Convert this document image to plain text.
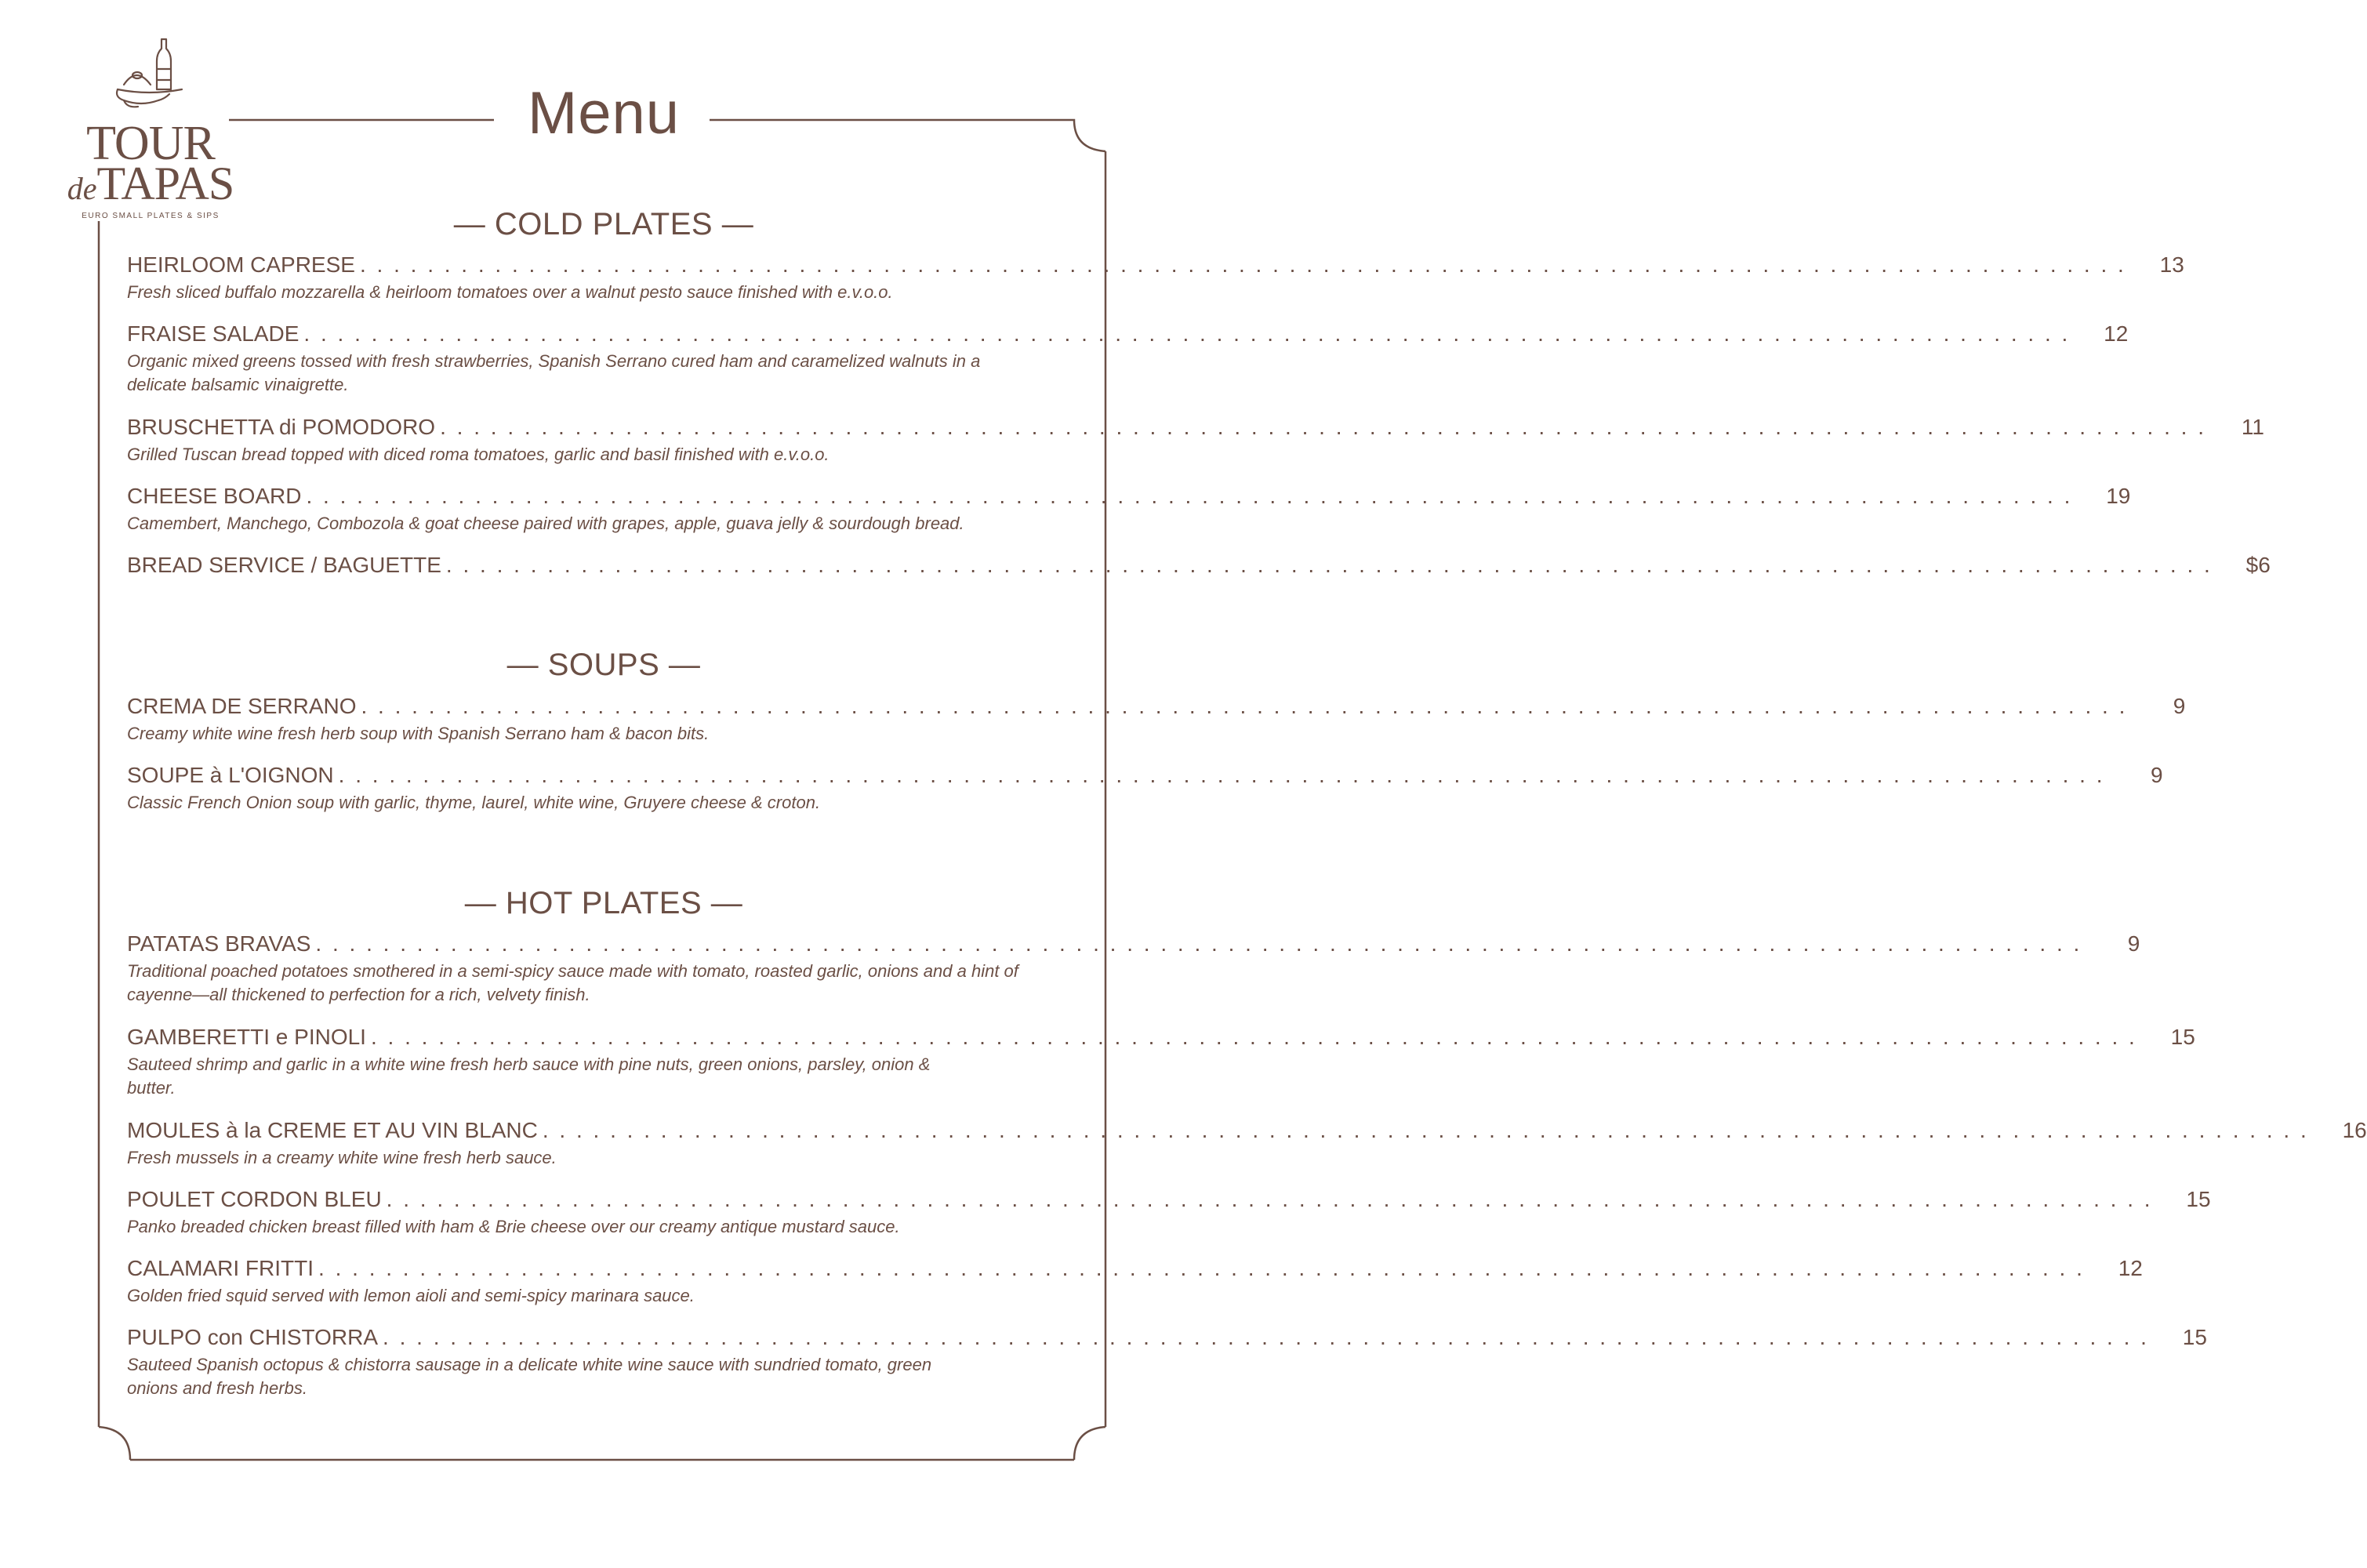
TOUR
deTAPAS
EURO SMALL PLATES & SIPS
Menu
— COLD PLATES —
HEIRLOOM CAPRESE . . . . . . . . . . . . . . . . . . . . . . . . . . . . . . . . . . . . . . . . . . . . . . . . . . . . . . . . . . . . . . . . . . . . . . . . . . . . . . . . . . . . . . . . . . . . . . . . . . . . . . . . .	13
Fresh sliced buffalo mozzarella & heirloom tomatoes over a walnut pesto sauce finished with e.v.o.o.
FRAISE SALADE . . . . . . . . . . . . . . . . . . . . . . . . . . . . . . . . . . . . . . . . . . . . . . . . . . . . . . . . . . . . . . . . . . . . . . . . . . . . . . . . . . . . . . . . . . . . . . . . . . . . . . . . .	12
Organic mixed greens tossed with fresh strawberries, Spanish Serrano cured ham and caramelized walnuts in a delicate balsamic vinaigrette.
BRUSCHETTA di POMODORO . . . . . . . . . . . . . . . . . . . . . . . . . . . . . . . . . . . . . . . . . . . . . . . . . . . . . . . . . . . . . . . . . . . . . . . . . . . . . . . . . . . . . . . . . . . . . . . . . . . . . . . . .	11
Grilled Tuscan bread topped with diced roma tomatoes, garlic and basil finished with e.v.o.o.
CHEESE BOARD . . . . . . . . . . . . . . . . . . . . . . . . . . . . . . . . . . . . . . . . . . . . . . . . . . . . . . . . . . . . . . . . . . . . . . . . . . . . . . . . . . . . . . . . . . . . . . . . . . . . . . . . .	19
Camembert, Manchego, Combozola & goat cheese paired with grapes, apple, guava jelly & sourdough bread.
BREAD SERVICE / BAGUETTE . . . . . . . . . . . . . . . . . . . . . . . . . . . . . . . . . . . . . . . . . . . . . . . . . . . . . . . . . . . . . . . . . . . . . . . . . . . . . . . . . . . . . . . . . . . . . . . . . . . . . . . . .	$6
— SOUPS —
CREMA DE SERRANO . . . . . . . . . . . . . . . . . . . . . . . . . . . . . . . . . . . . . . . . . . . . . . . . . . . . . . . . . . . . . . . . . . . . . . . . . . . . . . . . . . . . . . . . . . . . . . . . . . . . . . . . .	9
Creamy white wine fresh herb soup with Spanish Serrano ham & bacon bits.
SOUPE à L'OIGNON . . . . . . . . . . . . . . . . . . . . . . . . . . . . . . . . . . . . . . . . . . . . . . . . . . . . . . . . . . . . . . . . . . . . . . . . . . . . . . . . . . . . . . . . . . . . . . . . . . . . . . . . .	9
Classic French Onion soup with garlic, thyme, laurel, white wine, Gruyere cheese & croton.
— HOT PLATES —
PATATAS BRAVAS . . . . . . . . . . . . . . . . . . . . . . . . . . . . . . . . . . . . . . . . . . . . . . . . . . . . . . . . . . . . . . . . . . . . . . . . . . . . . . . . . . . . . . . . . . . . . . . . . . . . . . . . .	9
Traditional poached potatoes smothered in a semi-spicy sauce made with tomato, roasted garlic, onions and a hint of cayenne—all thickened to perfection for a rich, velvety finish.
GAMBERETTI e PINOLI . . . . . . . . . . . . . . . . . . . . . . . . . . . . . . . . . . . . . . . . . . . . . . . . . . . . . . . . . . . . . . . . . . . . . . . . . . . . . . . . . . . . . . . . . . . . . . . . . . . . . . . . .	15
Sauteed shrimp and garlic in a white wine fresh herb sauce with pine nuts, green onions, parsley, onion & butter.
MOULES à la CREME ET AU VIN BLANC . . . . . . . . . . . . . . . . . . . . . . . . . . . . . . . . . . . . . . . . . . . . . . . . . . . . . . . . . . . . . . . . . . . . . . . . . . . . . . . . . . . . . . . . . . . . . . . . . . . . . . . . .	16
Fresh mussels in a creamy white wine fresh herb sauce.
POULET CORDON BLEU . . . . . . . . . . . . . . . . . . . . . . . . . . . . . . . . . . . . . . . . . . . . . . . . . . . . . . . . . . . . . . . . . . . . . . . . . . . . . . . . . . . . . . . . . . . . . . . . . . . . . . . . .	15
Panko breaded chicken breast filled with ham & Brie cheese over our creamy antique mustard sauce.
CALAMARI FRITTI . . . . . . . . . . . . . . . . . . . . . . . . . . . . . . . . . . . . . . . . . . . . . . . . . . . . . . . . . . . . . . . . . . . . . . . . . . . . . . . . . . . . . . . . . . . . . . . . . . . . . . . . .	12
Golden fried squid served with lemon aioli and semi-spicy marinara sauce.
PULPO con CHISTORRA . . . . . . . . . . . . . . . . . . . . . . . . . . . . . . . . . . . . . . . . . . . . . . . . . . . . . . . . . . . . . . . . . . . . . . . . . . . . . . . . . . . . . . . . . . . . . . . . . . . . . . . . .	15
Sauteed Spanish octopus & chistorra sausage in a delicate white wine sauce with sundried tomato, green onions and fresh herbs.
